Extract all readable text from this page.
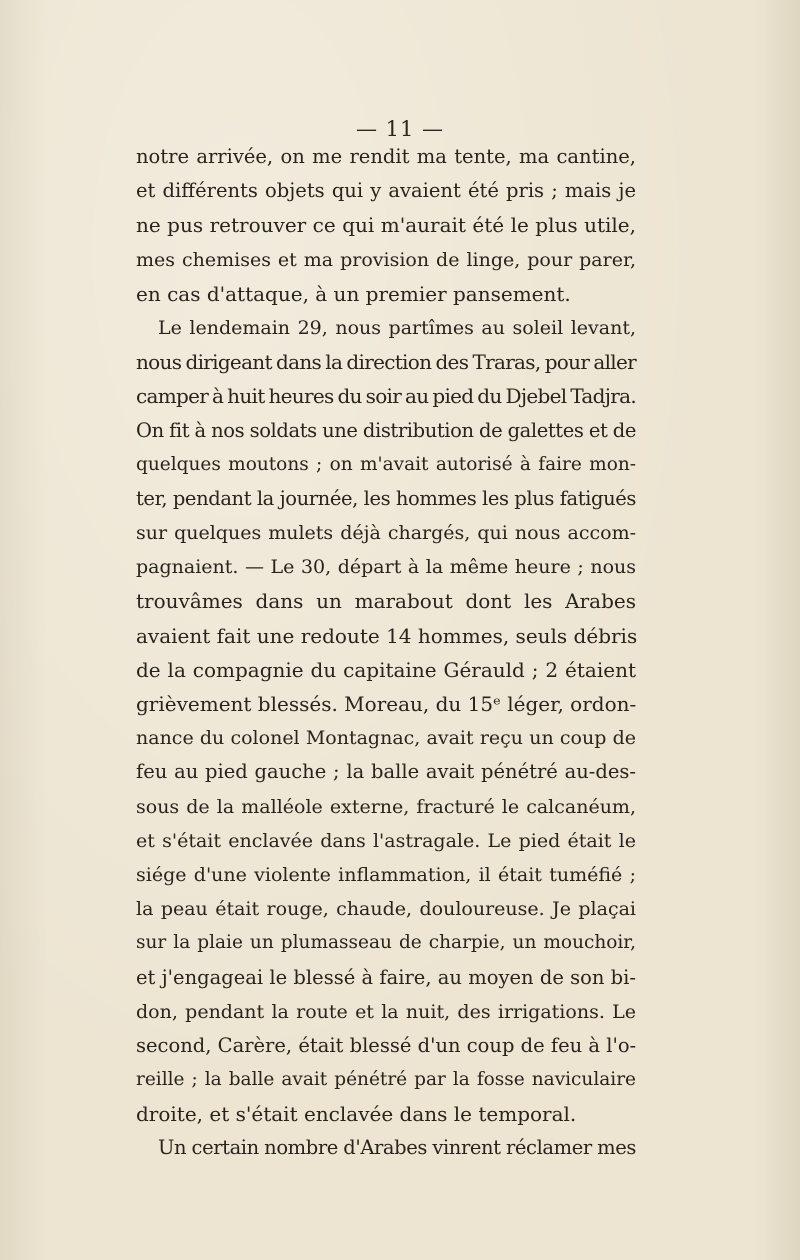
— 11 —
notre arrivée, on me rendit ma tente, ma cantine,
et différents objets qui y avaient été pris ; mais je
ne pus retrouver ce qui m'aurait été le plus utile,
mes chemises et ma provision de linge, pour parer,
en cas d'attaque, à un premier pansement.
Le lendemain 29, nous partîmes au soleil levant,
nous dirigeant dans la direction des Traras, pour aller
camper à huit heures du soir au pied du Djebel Tadjra.
On fit à nos soldats une distribution de galettes et de
quelques moutons ; on m'avait autorisé à faire mon-
ter, pendant la journée, les hommes les plus fatigués
sur quelques mulets déjà chargés, qui nous accom-
pagnaient. — Le 30, départ à la même heure ; nous
trouvâmes dans un marabout dont les Arabes
avaient fait une redoute 14 hommes, seuls débris
de la compagnie du capitaine Gérauld ; 2 étaient
grièvement blessés. Moreau, du 15ᵉ léger, ordon-
nance du colonel Montagnac, avait reçu un coup de
feu au pied gauche ; la balle avait pénétré au-des-
sous de la malléole externe, fracturé le calcanéum,
et s'était enclavée dans l'astragale. Le pied était le
siége d'une violente inflammation, il était tuméfié ;
la peau était rouge, chaude, douloureuse. Je plaçai
sur la plaie un plumasseau de charpie, un mouchoir,
et j'engageai le blessé à faire, au moyen de son bi-
don, pendant la route et la nuit, des irrigations. Le
second, Carère, était blessé d'un coup de feu à l'o-
reille ; la balle avait pénétré par la fosse naviculaire
droite, et s'était enclavée dans le temporal.
Un certain nombre d'Arabes vinrent réclamer mes
